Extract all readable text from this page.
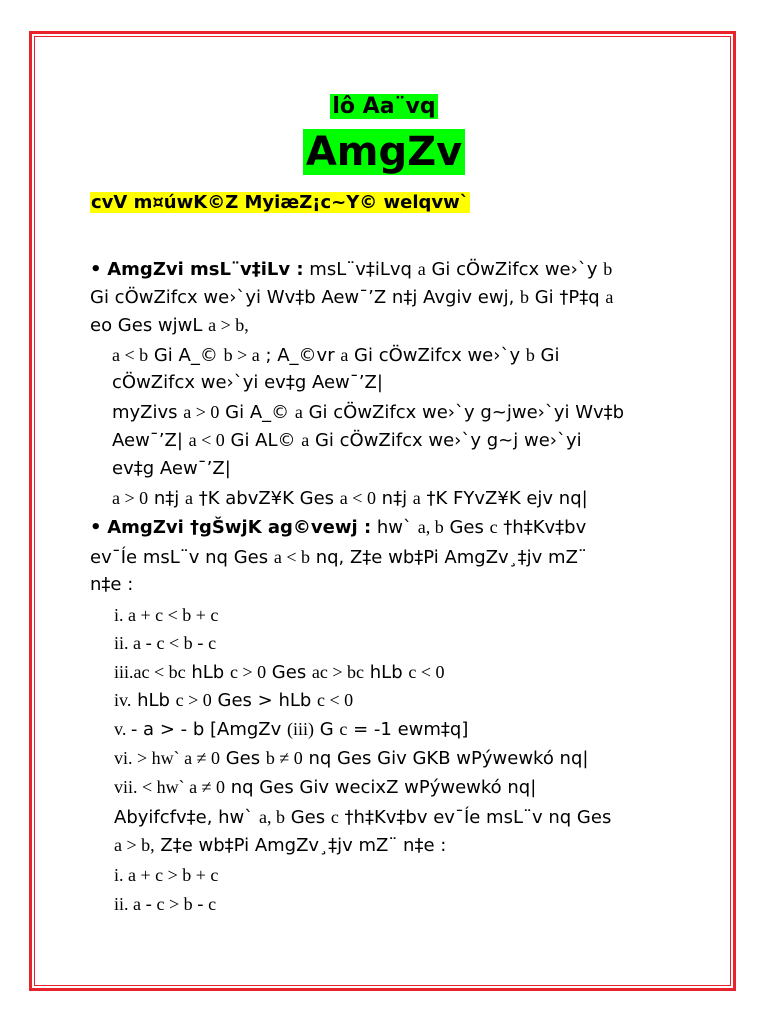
lô Aa¨vq
AmgZv
cvV m¤úwK©Z MyiæZ¡c~Y© welqvw`
• AmgZvi msL¨v‡iLv : msL¨v‡iLvq a Gi cÖwZifcx we›`y b
Gi cÖwZifcx we›`yi Wv‡b Aew¯’Z n‡j Avgiv ewj, b Gi †P‡q a
eo Ges wjwL a > b,
a < b Gi A_© b > a ; A_©vr a Gi cÖwZifcx we›`y b Gi
cÖwZifcx we›`yi ev‡g Aew¯’Z|
myZivs a > 0 Gi A_© a Gi cÖwZifcx we›`y g~jwe›`yi Wv‡b
Aew¯’Z| a < 0 Gi AL© a Gi cÖwZifcx we›`y g~j we›`yi
ev‡g Aew¯’Z|
a > 0 n‡j a †K abvZ¥K Ges a < 0 n‡j a †K FYvZ¥K ejv nq|
• AmgZvi †gŠwjK ag©vewj : hw` a, b Ges c †h‡Kv‡bv
ev¯Íe msL¨v nq Ges a < b nq, Z‡e wb‡Pi AmgZv¸‡jv mZ¨
n‡e :
i. a + c < b + c
ii. a - c < b - c
iii.ac < bc hLb c > 0 Ges ac > bc hLb c < 0
iv. hLb c > 0 Ges > hLb c < 0
v. - a > - b [AmgZv (iii) G c = -1 ewm‡q]
vi. > hw` a ≠ 0 Ges b ≠ 0 nq Ges Giv GKB wPýwewkó nq|
vii. < hw` a ≠ 0 nq Ges Giv wecixZ wPýwewkó nq|
Abyifcfv‡e, hw` a, b Ges c †h‡Kv‡bv ev¯Íe msL¨v nq Ges
a > b, Z‡e wb‡Pi AmgZv¸‡jv mZ¨ n‡e :
i. a + c > b + c
ii. a - c > b - c
